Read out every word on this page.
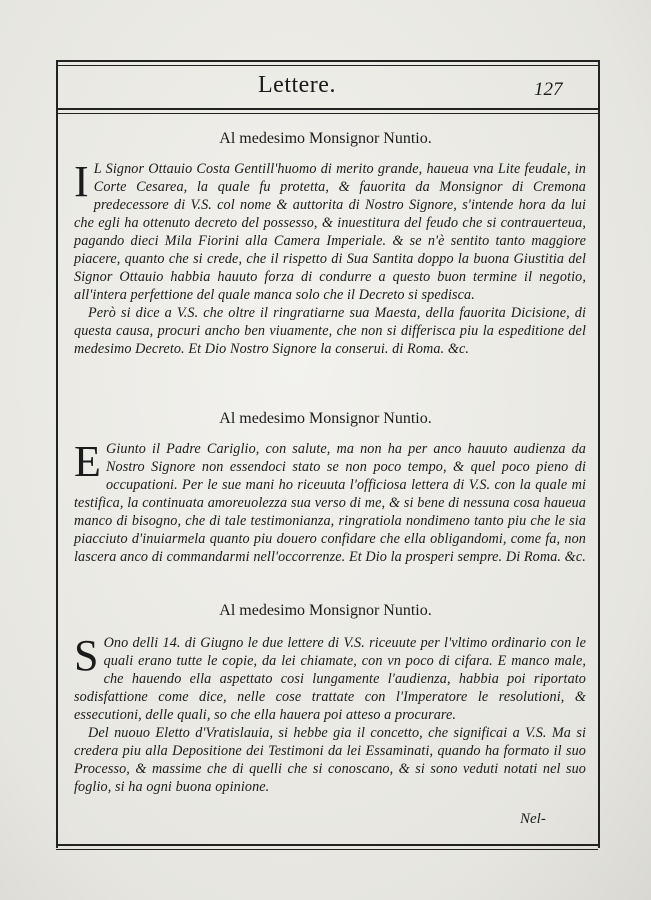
Lettere.	127
Al medesimo Monsignor Nuntio.

I L Signor Ottauio Costa Gentill'huomo di merito grande, haueua vna Lite feudale, in Corte Cesarea, la quale fu protetta, & fauorita da Monsignor di Cremona predecessore di V.S. col nome & auttorita di Nostro Signore, s'intende hora da lui che egli ha ottenuto decreto del possesso, & inuestitura del feudo che si contrauerteua, pagando dieci Mila Fiorini alla Camera Imperiale. & se n'è sentito tanto maggiore piacere, quanto che si crede, che il rispetto di Sua Santita doppo la buona Giustitia del Signor Ottauio habbia hauuto forza di condurre a questo buon termine il negotio, all'intera perfettione del quale manca solo che il Decreto si spedisca.

Però si dice a V.S. che oltre il ringratiarne sua Maesta, della fauorita Dicisione, di questa causa, procuri ancho ben viuamente, che non si differisca piu la espeditione del medesimo Decreto. Et Dio Nostro Signore la conserui. di Roma. &c.

Al medesimo Monsignor Nuntio.

E Giunto il Padre Cariglio, con salute, ma non ha per anco hauuto audienza da Nostro Signore non essendoci stato se non poco tempo, & quel poco pieno di occupationi. Per le sue mani ho riceuuta l'officiosa lettera di V.S. con la quale mi testifica, la continuata amoreuolezza sua verso di me, & si bene di nessuna cosa haueua manco di bisogno, che di tale testimonianza, ringratiola nondimeno tanto piu che le sia piacciuto d'inuiarmela quanto piu douero confidare che ella obligandomi, come fa, non lascera anco di commandarmi nell'occorrenze. Et Dio la prosperi sempre. Di Roma. &c.

Al medesimo Monsignor Nuntio.

S Ono delli 14. di Giugno le due lettere di V.S. riceuute per l'vltimo ordinario con le quali erano tutte le copie, da lei chiamate, con vn poco di cifara. E manco male, che hauendo ella aspettato cosi lungamente l'audienza, habbia poi riportato sodisfattione come dice, nelle cose trattate con l'Imperatore le resolutioni, & essecutioni, delle quali, so che ella hauera poi atteso a procurare.

Del nuouo Eletto d'Vratislauia, si hebbe gia il concetto, che significai a V.S. Ma si credera piu alla Depositione dei Testimoni da lei Essaminati, quando ha formato il suo Processo, & massime che di quelli che si conoscano, & si sono veduti notati nel suo foglio, si ha ogni buona opinione.

Nel-
